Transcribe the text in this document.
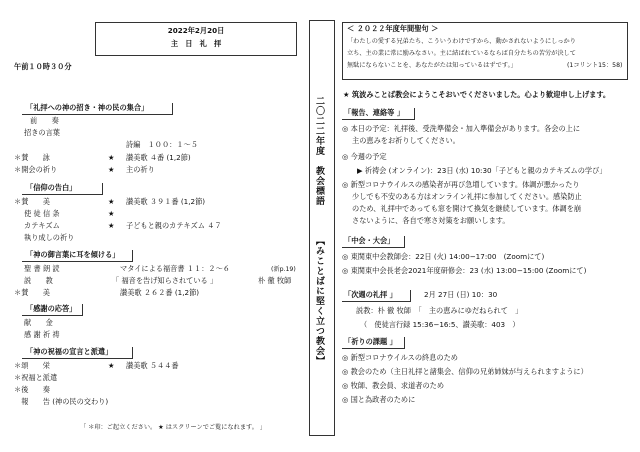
2022年2月20日
主　日　礼　拝
午前１０時３０分
「礼拝への神の招き・神の民の集合」
前　　奏
招きの言葉
詩編　１００：１～５
＊賛　　詠	★ 讃美歌 ４番 (1,2節)
＊開会の祈り	★ 主の祈り
「信仰の告白」
＊賛　　美	★ 讃美歌 ３９１番 (1,2節)
使 徒 信 条	★
カテキズム	★ 子どもと親のカテキズム ４７
執り成しの祈り
「神の御言葉に耳を傾ける」
聖 書 朗 読	マタイによる福音書 １１：２～６	(新p.19)
説　　教	「 福音を告げ知らされている 」	朴 徹 牧師
＊賛　　美	讃美歌 ２６２番 (1,2節)
「感謝の応答」
献　　金
感 謝 祈 祷
「神の祝福の宣言と派遣」
＊頌　　栄	★ 讃美歌 ５４４番
＊祝福と派遣
＊後　　奏
　報　　告 (神の民の交わり)
「 ＊印：ご起立ください。 ★ はスクリーンでご覧になれます。 」
二〇二二年度　教会標語
【みことばに堅く立つ教会】
＜ ２０２２年度年間聖句 ＞
「わたしの愛する兄弟たち、こういうわけですから、動かされないようにしっかり
立ち、主の業に常に励みなさい。主に結ばれているならば自分たちの苦労が決して
無駄にならないことを、あなたがたは知っているはずです。」	(1コリント15：58)
★ 筑波みことば教会にようこそおいでくださいました。心より歓迎申し上げます。
「報告、連絡等 」
◎ 本日の予定：礼拝後、受洗準備会・加入準備会があります。各会の上に
主の恵みをお祈りしてください。
◎ 今週の予定
▶ 祈祷会 (オンライン)：23日 (水) 10:30「子どもと親のカテキズムの学び」
◎ 新型コロナウイルスの感染者が再び急増しています。体調が悪かったり
少しでも不安のある方はオンライン礼拝に参加してください。感染防止
のため、礼拝中であっても窓を開けて換気を継続しています。体調を崩
さないように、各自で寒さ対策をお願いします。
「中会・大会」
◎ 東関東中会教師会：22日 (火) 14:00−17:00　(Zoomにて)
◎ 東関東中会長老会2021年度研修会：23 (水) 13:00−15:00 (Zoomにて)
「次週の礼拝 」	2月 27日 (日) 10：30
説教：朴 徹 牧師　「　主の恵みにゆだねられて　」
（　使徒言行録 15:36−16:5、讃美歌：403　）
「祈りの課題 」
◎ 新型コロナウイルスの終息のため
◎ 教会のため（主日礼拝と諸集会、信仰の兄弟姉妹が与えられますように）
◎ 牧師、教会員、求道者のため
◎ 国と為政者のために
